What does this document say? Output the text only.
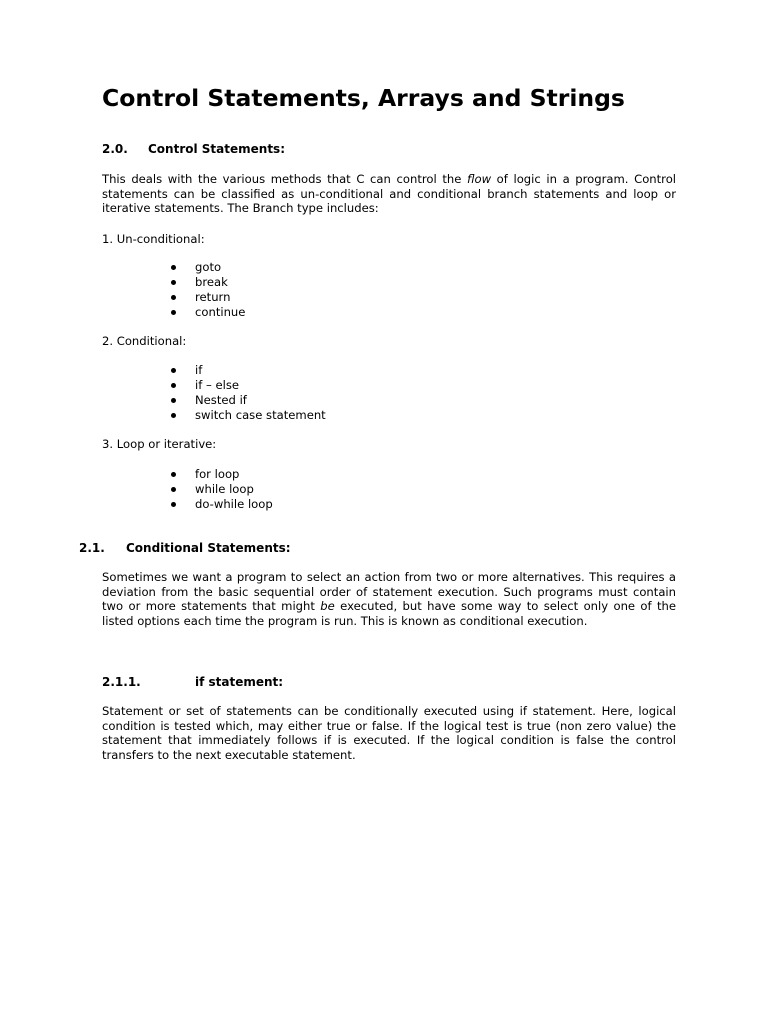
Control Statements, Arrays and Strings
2.0. Control Statements:

This deals with the various methods that C can control the flow of logic in a program. Control statements can be classified as un-conditional and conditional branch statements and loop or iterative statements. The Branch type includes:

1. Un-conditional:

goto
break
return
continue

2. Conditional:

if
if – else
Nested if
switch case statement

3. Loop or iterative:

for loop
while loop
do-while loop
2.1. Conditional Statements:

Sometimes we want a program to select an action from two or more alternatives. This requires a deviation from the basic sequential order of statement execution. Such programs must contain two or more statements that might be executed, but have some way to select only one of the listed options each time the program is run. This is known as conditional execution.

2.1.1.	if statement:

Statement or set of statements can be conditionally executed using if statement. Here, logical condition is tested which, may either true or false. If the logical test is true (non zero value) the statement that immediately follows if is executed. If the logical condition is false the control transfers to the next executable statement.
